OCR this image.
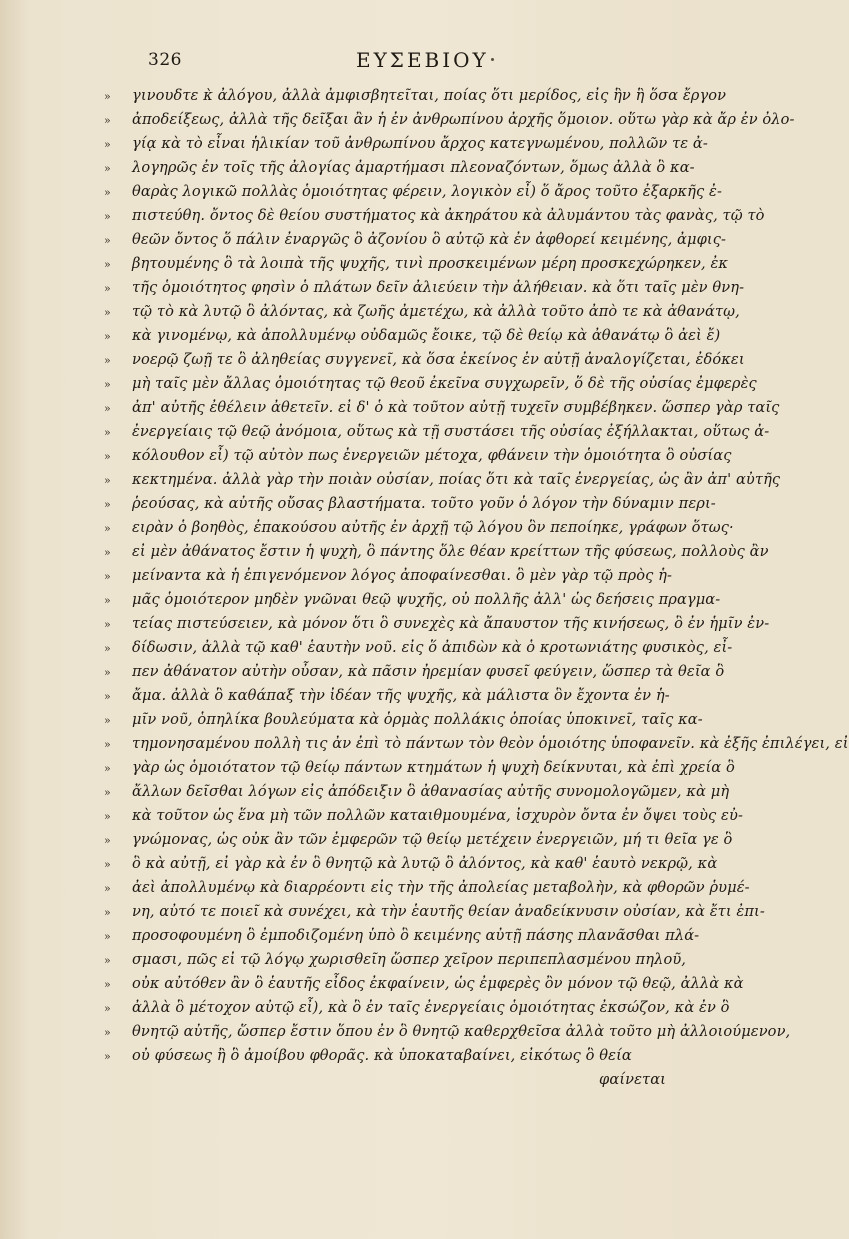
326	ΕΥΣΕΒΙΟΥ
» γινουδτε κ̀ ἀλόγου, ἀλλὰ ἀμφισβητεῖται, ποίας ὅτι μερίδος, εἰς ἣν ἣ ὅσα ἔργον
» ἀποδείξεως, ἀλλὰ τῆς δεῖξαι ἂν ἡ ἐν ἀνθρωπίνου ἀρχῆς ὅμοιον. οὕτω γὰρ κὰ ἄρ ἐν ὀλο-
» γίᾳ κὰ τὸ εἶναι ἡλικίαν τοῦ ἀνθρωπίνου ἄρχος κατεγνωμένου, πολλῶν τε ἀ-
» λογηρῶς ἐν τοῖς τῆς ἀλογίας ἀμαρτήμασι πλεοναζόντων, ὅμως ἀλλὰ ὃ κα-
» θαρὰς λογικῶ πολλὰς ὁμοιότητας φέρειν, λογικὸν εἶ) ὅ ἄρος τοῦτο ἐξαρκῆς ἐ-
» πιστεύθη. ὄντος δὲ θείου συστήματος κὰ ἀκηράτου κὰ ἀλυμάντου τὰς φανὰς, τῷ τὸ
» θεῶν ὄντος ὅ πάλιν ἐναργῶς ὃ ἀζονίου ὃ αὐτῷ κὰ ἐν ἀφθορεί κειμένης, ἀμφις-
» βητουμένης ὃ τὰ λοιπὰ τῆς ψυχῆς, τινὶ προσκειμένων μέρη προσκεχώρηκεν, ἐκ
» τῆς ὁμοιότητος φησὶν ὁ πλάτων δεῖν ἀλιεύειν τὴν ἀλήθειαν. κὰ ὅτι ταῖς μὲν θνη-
» τῷ τὸ κὰ λυτῷ ὃ ἀλόντας, κὰ ζωῆς ἀμετέχω, κὰ ἀλλὰ τοῦτο ἀπὸ τε κὰ ἀθανάτῳ,
» κὰ γινομένῳ, κὰ ἀπολλυμένῳ οὐδαμῶς ἔοικε, τῷ δὲ θείῳ κὰ ἀθανάτῳ ὃ ἀεὶ ἔ)
» νοερῷ ζωῇ τε ὃ ἀληθείας συγγενεῖ, κὰ ὅσα ἐκείνος ἐν αὐτῇ ἀναλογίζεται, ἐδόκει
» μὴ ταῖς μὲν ἄλλας ὁμοιότητας τῷ θεοῦ ἐκεῖνα συγχωρεῖν, ὅ δὲ τῆς οὐσίας ἐμφερὲς
» ἀπ' αὐτῆς ἐθέλειν ἀθετεῖν. εἰ δ' ὁ κὰ τοῦτον αὐτῇ τυχεῖν συμβέβηκεν. ὥσπερ γὰρ ταῖς
» ἐνεργείαις τῷ θεῷ ἀνόμοια, οὕτως κὰ τῇ συστάσει τῆς οὐσίας ἐξήλλακται, οὕτως ἀ-
» κόλουθον εἶ) τῷ αὐτὸν πως ἐνεργειῶν μέτοχα, φθάνειν τὴν ὁμοιότητα ὃ οὐσίας
» κεκτημένα. ἀλλὰ γὰρ τὴν ποιὰν οὐσίαν, ποίας ὅτι κὰ ταῖς ἐνεργείας, ὡς ἂν ἀπ' αὐτῆς
» ῥεούσας, κὰ αὐτῆς οὔσας βλαστήματα. τοῦτο γοῦν ὁ λόγον τὴν δύναμιν περι-
» ειρὰν ὁ βοηθὸς, ἐπακούσου αὐτῆς ἐν ἀρχῇ τῷ λόγου ὃν πεποίηκε, γράφων ὅτως·
» εἰ μὲν ἀθάνατος ἔστιν ἡ ψυχὴ, ὃ πάντης ὅλε θέαν κρείττων τῆς φύσεως, πολλοὺς ἂν
» μείναντα κὰ ἡ ἐπιγενόμενον λόγος ἀποφαίνεσθαι. ὃ μὲν γὰρ τῷ πρὸς ἡ-
» μᾶς ὁμοιότερον μηδὲν γνῶναι θεῷ ψυχῆς, οὐ πολλῆς ἀλλ' ὡς δεήσεις πραγμα-
» τείας πιστεύσειεν, κὰ μόνον ὅτι ὃ συνεχὲς κὰ ἄπαυστον τῆς κινήσεως, ὃ ἐν ἡμῖν ἐν-
» δίδωσιν, ἀλλὰ τῷ καθ' ἑαυτὴν νοῦ. εἰς ὅ ἀπιδὼν κὰ ὁ κροτωνιάτης φυσικὸς, εἶ-
» πεν ἀθάνατον αὐτὴν οὖσαν, κὰ πᾶσιν ἠρεμίαν φυσεῖ φεύγειν, ὥσπερ τὰ θεῖα ὃ
» ἄμα. ἀλλὰ ὃ καθάπαξ τὴν ἰδέαν τῆς ψυχῆς, κὰ μάλιστα ὃν ἔχοντα ἐν ἡ-
» μῖν νοῦ, ὁπηλίκα βουλεύματα κὰ ὁρμὰς πολλάκις ὁποίας ὑποκινεῖ, ταῖς κα-
» τημονησαμένου πολλὴ τις ἀν ἐπὶ τὸ πάντων τὸν θεὸν ὁμοιότης ὑποφανεῖν. κὰ ἐξῆς ἐπιλέγει, εἰ
» γὰρ ὡς ὁμοιότατον τῷ θείῳ πάντων κτημάτων ἡ ψυχὴ δείκνυται, κὰ ἐπὶ χρεία ὃ
» ἄλλων δεῖσθαι λόγων εἰς ἀπόδειξιν ὃ ἀθανασίας αὐτῆς συνομολογῶμεν, κὰ μὴ
» κὰ τοῦτον ὡς ἕνα μὴ τῶν πολλῶν καταιθμουμένα, ἰσχυρὸν ὄντα ἐν ὄψει τοὺς εὐ-
» γνώμονας, ὡς οὐκ ἂν τῶν ἐμφερῶν τῷ θείῳ μετέχειν ἐνεργειῶν, μή τι θεῖα γε ὃ
» ὃ κὰ αὐτῇ, εἰ γὰρ κὰ ἐν ὃ θνητῷ κὰ λυτῷ ὃ ἀλόντος, κὰ καθ' ἑαυτὸ νεκρῷ, κὰ
» ἀεὶ ἀπολλυμένῳ κὰ διαρρέοντι εἰς τὴν τῆς ἀπολείας μεταβολὴν, κὰ φθορῶν ῥυμέ-
» νη, αὐτό τε ποιεῖ κὰ συνέχει, κὰ τὴν ἑαυτῆς θείαν ἀναδείκνυσιν οὐσίαν, κὰ ἔτι ἐπι-
» προσοφουμένη ὃ ἐμποδιζομένη ὑπὸ ὃ κειμένης αὐτῇ πάσης πλανᾶσθαι πλά-
» σμασι, πῶς εἰ τῷ λόγῳ χωρισθεῖη ὥσπερ χεῖρον περιπεπλασμένου πηλοῦ,
» οὐκ αὐτόθεν ἂν ὃ ἑαυτῆς εἶδος ἐκφαίνειν, ὡς ἐμφερὲς ὂν μόνον τῷ θεῷ, ἀλλὰ κὰ
» ἀλλὰ ὃ μέτοχον αὐτῷ εἶ), κὰ ὃ ἐν ταῖς ἐνεργείαις ὁμοιότητας ἐκσώζον, κὰ ἐν ὃ
» θνητῷ αὐτῆς, ὥσπερ ἔστιν ὅπου ἐν ὃ θνητῷ καθερχθεῖσα ἀλλὰ τοῦτο μὴ ἀλλοιούμενον,
» οὐ φύσεως ἢ ὃ ἀμοίβου φθορᾶς. κὰ ὑποκαταβαίνει, εἰκότως ὃ θεία
φαίνεται
